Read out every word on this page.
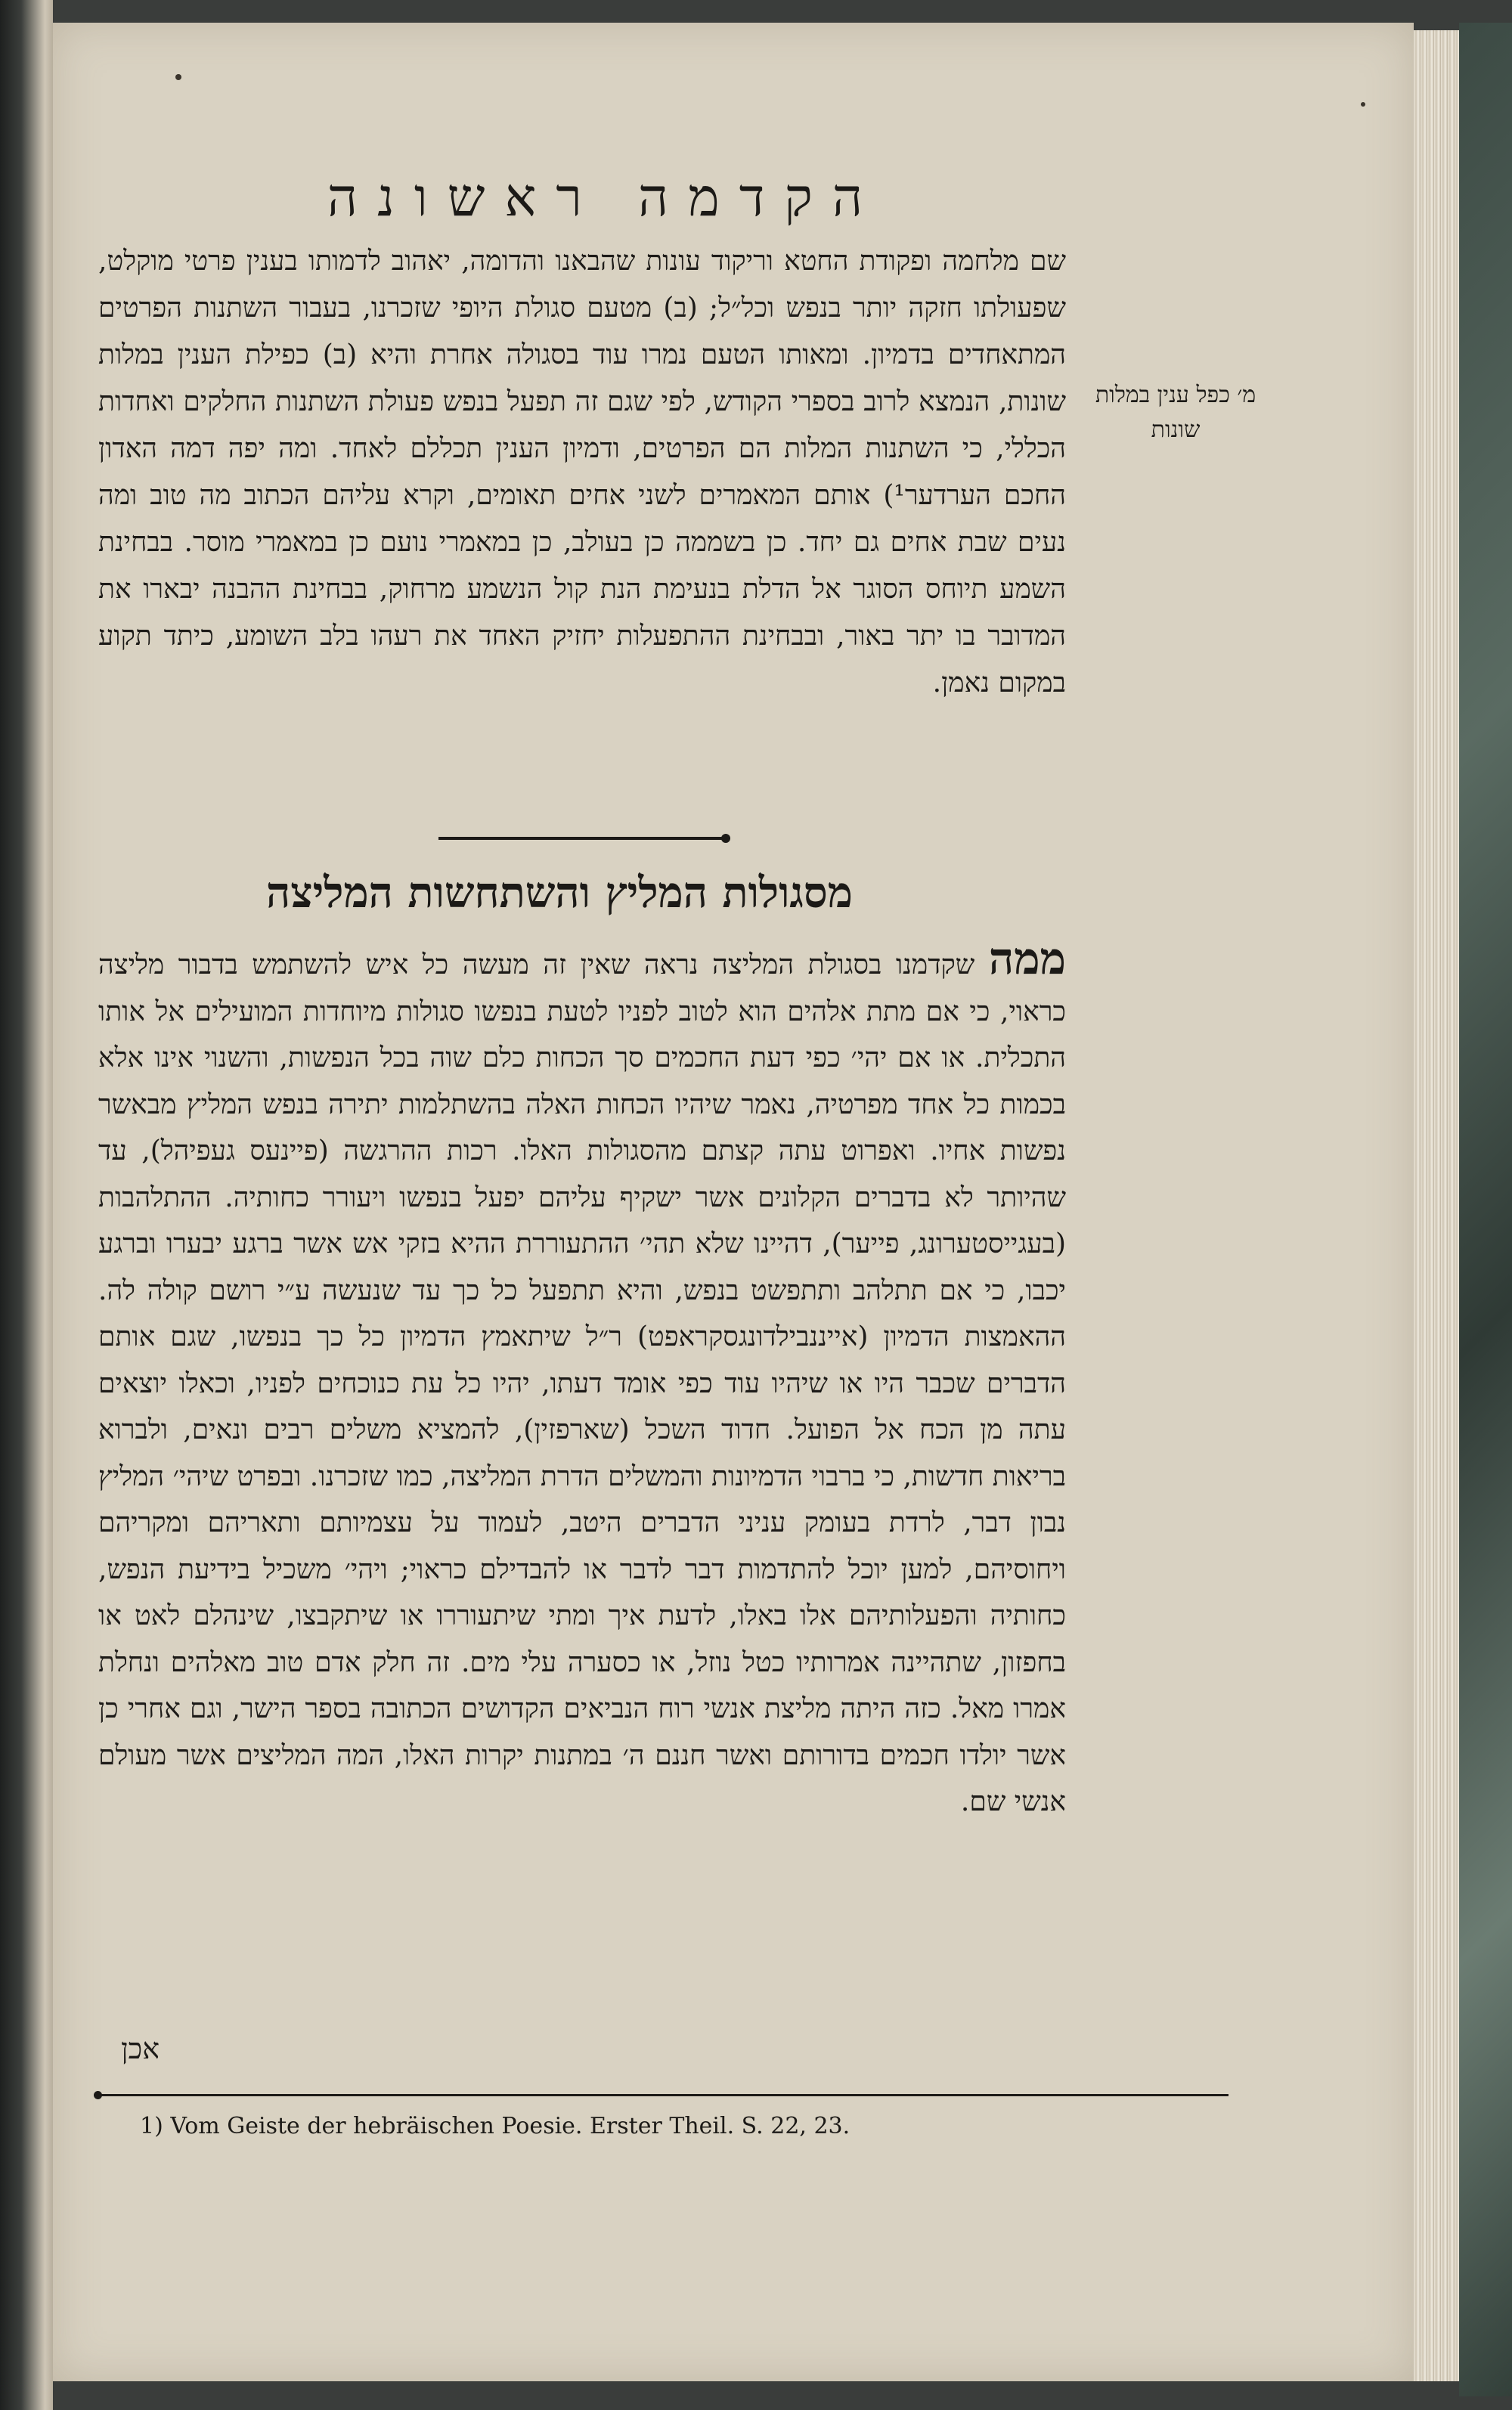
הקדמה ראשונה
שם מלחמה ופקודת החטא וריקוד עונות שהבאנו והדומה, יאהוב לדמותו בענין פרטי מוקלט, שפעולתו חזקה יותר בנפש וכל״ל; (ב) מטעם סגולת היופי שזכרנו, בעבור השתנות הפרטים המתאחדים בדמיון. ומאותו הטעם נמרו עוד בסגולה אחרת והיא (ב) כפילת הענין במלות שונות, הנמצא לרוב בספרי הקודש, לפי שגם זה תפעל בנפש פעולת השתנות החלקים ואחדות הכללי, כי השתנות המלות הם הפרטים, ודמיון הענין תכללם לאחד. ומה יפה דמה האדון החכם הערדער¹) אותם המאמרים לשני אחים תאומים, וקרא עליהם הכתוב מה טוב ומה נעים שבת אחים גם יחד. כן בשממה כן בעולב, כן במאמרי נועם כן במאמרי מוסר. בבחינת השמע תיוחס הסוגר אל הדלת בנעימת הנת קול הנשמע מרחוק, בבחינת ההבנה יבארו את המדובר בו יתר באור, ובבחינת ההתפעלות יחזיק האחד את רעהו בלב השומע, כיתד תקוע במקום נאמן.
מ׳ כפל ענין במלות שונות
מסגולות המליץ והשתחשות המליצה
ממה שקדמנו בסגולת המליצה נראה שאין זה מעשה כל איש להשתמש בדבור מליצה כראוי, כי אם מתת אלהים הוא לטוב לפניו לטעת בנפשו סגולות מיוחדות המועילים אל אותו התכלית. או אם יהי׳ כפי דעת החכמים סך הכחות כלם שוה בכל הנפשות, והשנוי אינו אלא בכמות כל אחד מפרטיה, נאמר שיהיו הכחות האלה בהשתלמות יתירה בנפש המליץ מבאשר נפשות אחיו. ואפרוט עתה קצתם מהסגולות האלו. רכות ההרגשה (פיינעס געפיהל), עד שהיותר לא בדברים הקלונים אשר ישקיף עליהם יפעל בנפשו ויעורר כחותיה. ההתלהבות (בעגייסטערונג, פייער), דהיינו שלא תהי׳ ההתעוררת ההיא בזקי אש אשר ברגע יבערו וברגע יכבו, כי אם תתלהב ותתפשט בנפש, והיא תתפעל כל כך עד שנעשה ע״י רושם קולה לה. ההאמצות הדמיון (אייננבילדונגסקראפט) ר״ל שיתאמץ הדמיון כל כך בנפשו, שגם אותם הדברים שכבר היו או שיהיו עוד כפי אומד דעתו, יהיו כל עת כנוכחים לפניו, וכאלו יוצאים עתה מן הכח אל הפועל. חדוד השכל (שארפזין), להמציא משלים רבים ונאים, ולברוא בריאות חדשות, כי ברבוי הדמיונות והמשלים הדרת המליצה, כמו שזכרנו. ובפרט שיהי׳ המליץ נבון דבר, לרדת בעומק עניני הדברים היטב, לעמוד על עצמיותם ותאריהם ומקריהם ויחוסיהם, למען יוכל להתדמות דבר לדבר או להבדילם כראוי; ויהי׳ משכיל בידיעת הנפש, כחותיה והפעלותיהם אלו באלו, לדעת איך ומתי שיתעוררו או שיתקבצו, שינהלם לאט או בחפזון, שתהיינה אמרותיו כטל נוזל, או כסערה עלי מים. זה חלק אדם טוב מאלהים ונחלת אמרו מאל. כזה היתה מליצת אנשי רוח הנביאים הקדושים הכתובה בספר הישר, וגם אחרי כן אשר יולדו חכמים בדורותם ואשר חננם ה׳ במתנות יקרות האלו, המה המליצים אשר מעולם אנשי שם.
אכן
1) Vom Geiste der hebräischen Poesie. Erster Theil. S. 22, 23.
